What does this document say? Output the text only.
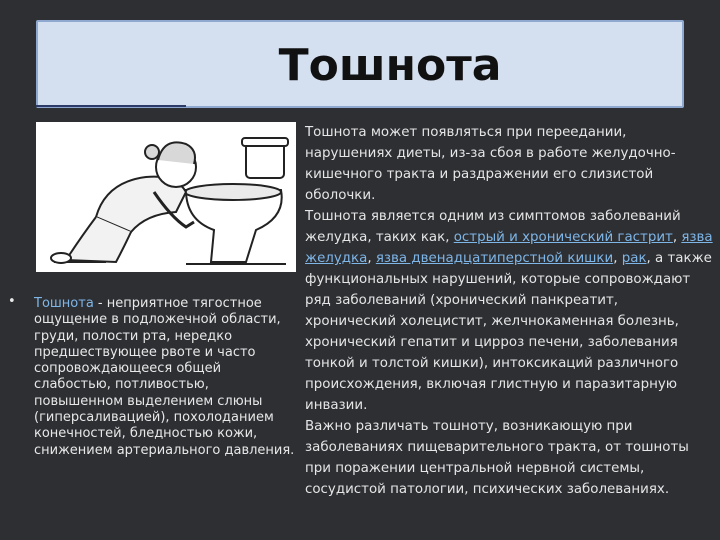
Тошнота
• Тошнота - неприятное тягостное ощущение в подложечной области, груди, полости рта, нередко предшествующее рвоте и часто сопровождающееся общей слабостью, потливостью, повышенном выделением слюны (гиперсаливацией), похолоданием конечностей, бледностью кожи, снижением артериального давления.

Тошнота может появляться при переедании, нарушениях диеты, из-за сбоя в работе желудочно-кишечного тракта и раздражении его слизистой оболочки.

Тошнота является одним из симптомов заболеваний желудка, таких как, острый и хронический гастрит, язва желудка, язва двенадцатиперстной кишки, рак, а также функциональных нарушений, которые сопровождают ряд заболеваний (хронический панкреатит, хронический холецистит, желчнокаменная болезнь, хронический гепатит и цирроз печени, заболевания тонкой и толстой кишки), интоксикаций различного происхождения, включая глистную и паразитарную инвазии.

Важно различать тошноту, возникающую при заболеваниях пищеварительного тракта, от тошноты при поражении центральной нервной системы, сосудистой патологии, психических заболеваниях.
